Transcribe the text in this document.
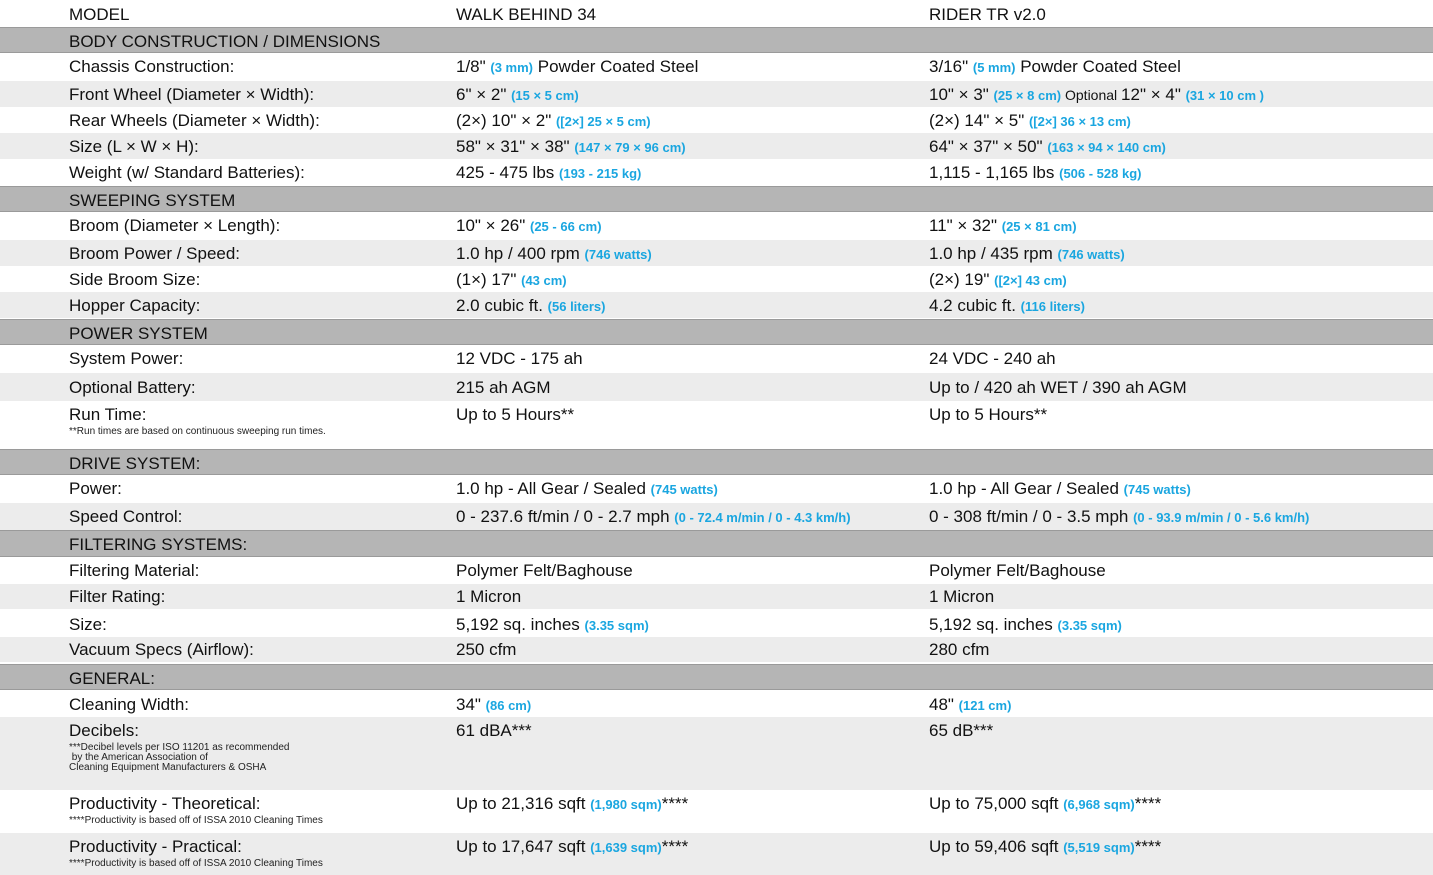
MODEL	WALK BEHIND 34	RIDER TR v2.0
BODY CONSTRUCTION / DIMENSIONS
Chassis Construction:	1/8" (3 mm) Powder Coated Steel	3/16" (5 mm) Powder Coated Steel
Front Wheel (Diameter × Width):	6" × 2" (15 × 5 cm)	10" × 3" (25 × 8 cm) Optional 12" × 4" (31 × 10 cm )
Rear Wheels (Diameter × Width):	(2×) 10" × 2" ([2×] 25 × 5 cm)	(2×) 14" × 5" ([2×] 36 × 13 cm)
Size (L × W × H):	58" × 31" × 38" (147 × 79 × 96 cm)	64" × 37" × 50" (163 × 94 × 140 cm)
Weight (w/ Standard Batteries):	425 - 475 lbs (193 - 215 kg)	1,115 - 1,165 lbs (506 - 528 kg)
SWEEPING SYSTEM
Broom (Diameter × Length):	10" × 26" (25 - 66 cm)	11" × 32" (25 × 81 cm)
Broom Power / Speed:	1.0 hp / 400 rpm (746 watts)	1.0 hp / 435 rpm (746 watts)
Side Broom Size:	(1×) 17" (43 cm)	(2×) 19" ([2×] 43 cm)
Hopper Capacity:	2.0 cubic ft. (56 liters)	4.2 cubic ft. (116 liters)
POWER SYSTEM
System Power:	12 VDC - 175 ah	24 VDC - 240 ah
Optional Battery:	215 ah AGM	Up to / 420 ah WET / 390 ah AGM
Run Time:	Up to 5 Hours**	Up to 5 Hours**
**Run times are based on continuous sweeping run times.
DRIVE SYSTEM:
Power:	1.0 hp - All Gear / Sealed (745 watts)	1.0 hp - All Gear / Sealed (745 watts)
Speed Control:	0 - 237.6 ft/min / 0 - 2.7 mph (0 - 72.4 m/min / 0 - 4.3 km/h)	0 - 308 ft/min / 0 - 3.5 mph (0 - 93.9 m/min / 0 - 5.6 km/h)
FILTERING SYSTEMS:
Filtering Material:	Polymer Felt/Baghouse	Polymer Felt/Baghouse
Filter Rating:	1 Micron	1 Micron
Size:	5,192 sq. inches (3.35 sqm)	5,192 sq. inches (3.35 sqm)
Vacuum Specs (Airflow):	250 cfm	280 cfm
GENERAL:
Cleaning Width:	34" (86 cm)	48" (121 cm)
Decibels:	61 dBA***	65 dB***
***Decibel levels per ISO 11201 as recommended
by the American Association of
Cleaning Equipment Manufacturers & OSHA
Productivity - Theoretical:	Up to 21,316 sqft (1,980 sqm)****	Up to 75,000 sqft (6,968 sqm)****
****Productivity is based off of ISSA 2010 Cleaning Times
Productivity - Practical:	Up to 17,647 sqft (1,639 sqm)****	Up to 59,406 sqft (5,519 sqm)****
****Productivity is based off of ISSA 2010 Cleaning Times
